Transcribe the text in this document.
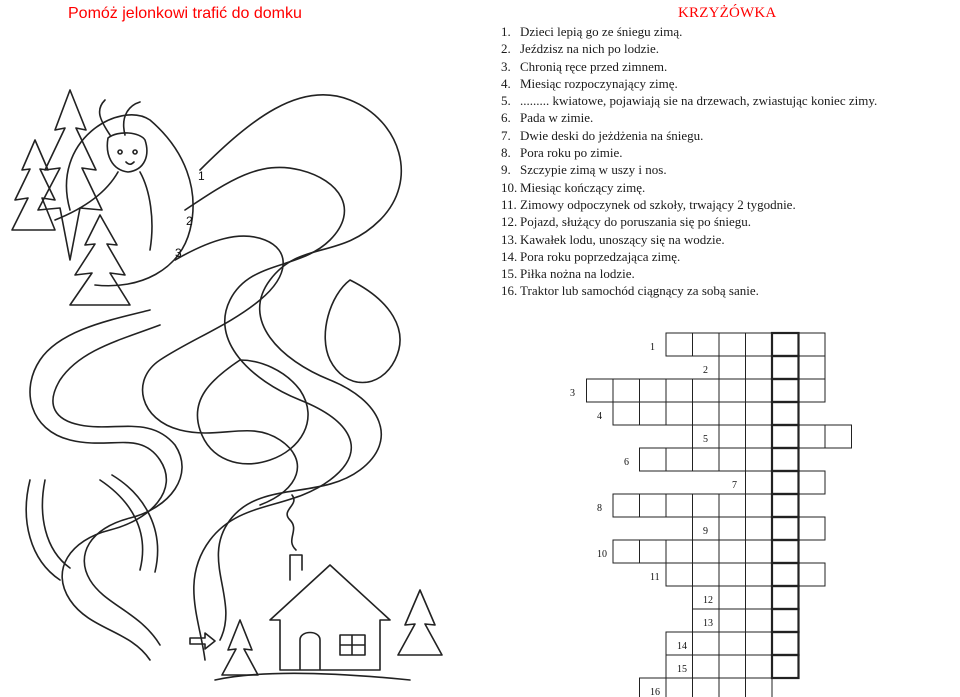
Pomóż jelonkowi trafić do domku	KRZYŻÓWKA
1. Dzieci lepią go ze śniegu zimą.
2. Jeździsz na nich po lodzie.
3. Chronią ręce przed zimnem.
4. Miesiąc rozpoczynający zimę.
5. ......... kwiatowe, pojawiają sie na drzewach, zwiastując koniec zimy.
6. Pada w zimie.
7. Dwie deski do jeżdżenia na śniegu.
8. Pora roku po zimie.
9. Szczypie zimą w uszy i nos.
10. Miesiąc kończący zimę.
11. Zimowy odpoczynek od szkoły, trwający 2 tygodnie.
12. Pojazd, służący do poruszania się po śniegu.
13. Kawałek lodu, unoszący się na wodzie.
14. Pora roku poprzedzająca zimę.
15. Piłka nożna na lodzie.
16. Traktor lub samochód ciągnący za sobą sanie.
1
2
3
1
2
3
4
5
6
7
8
9
10
11
12
13
14
15
16
